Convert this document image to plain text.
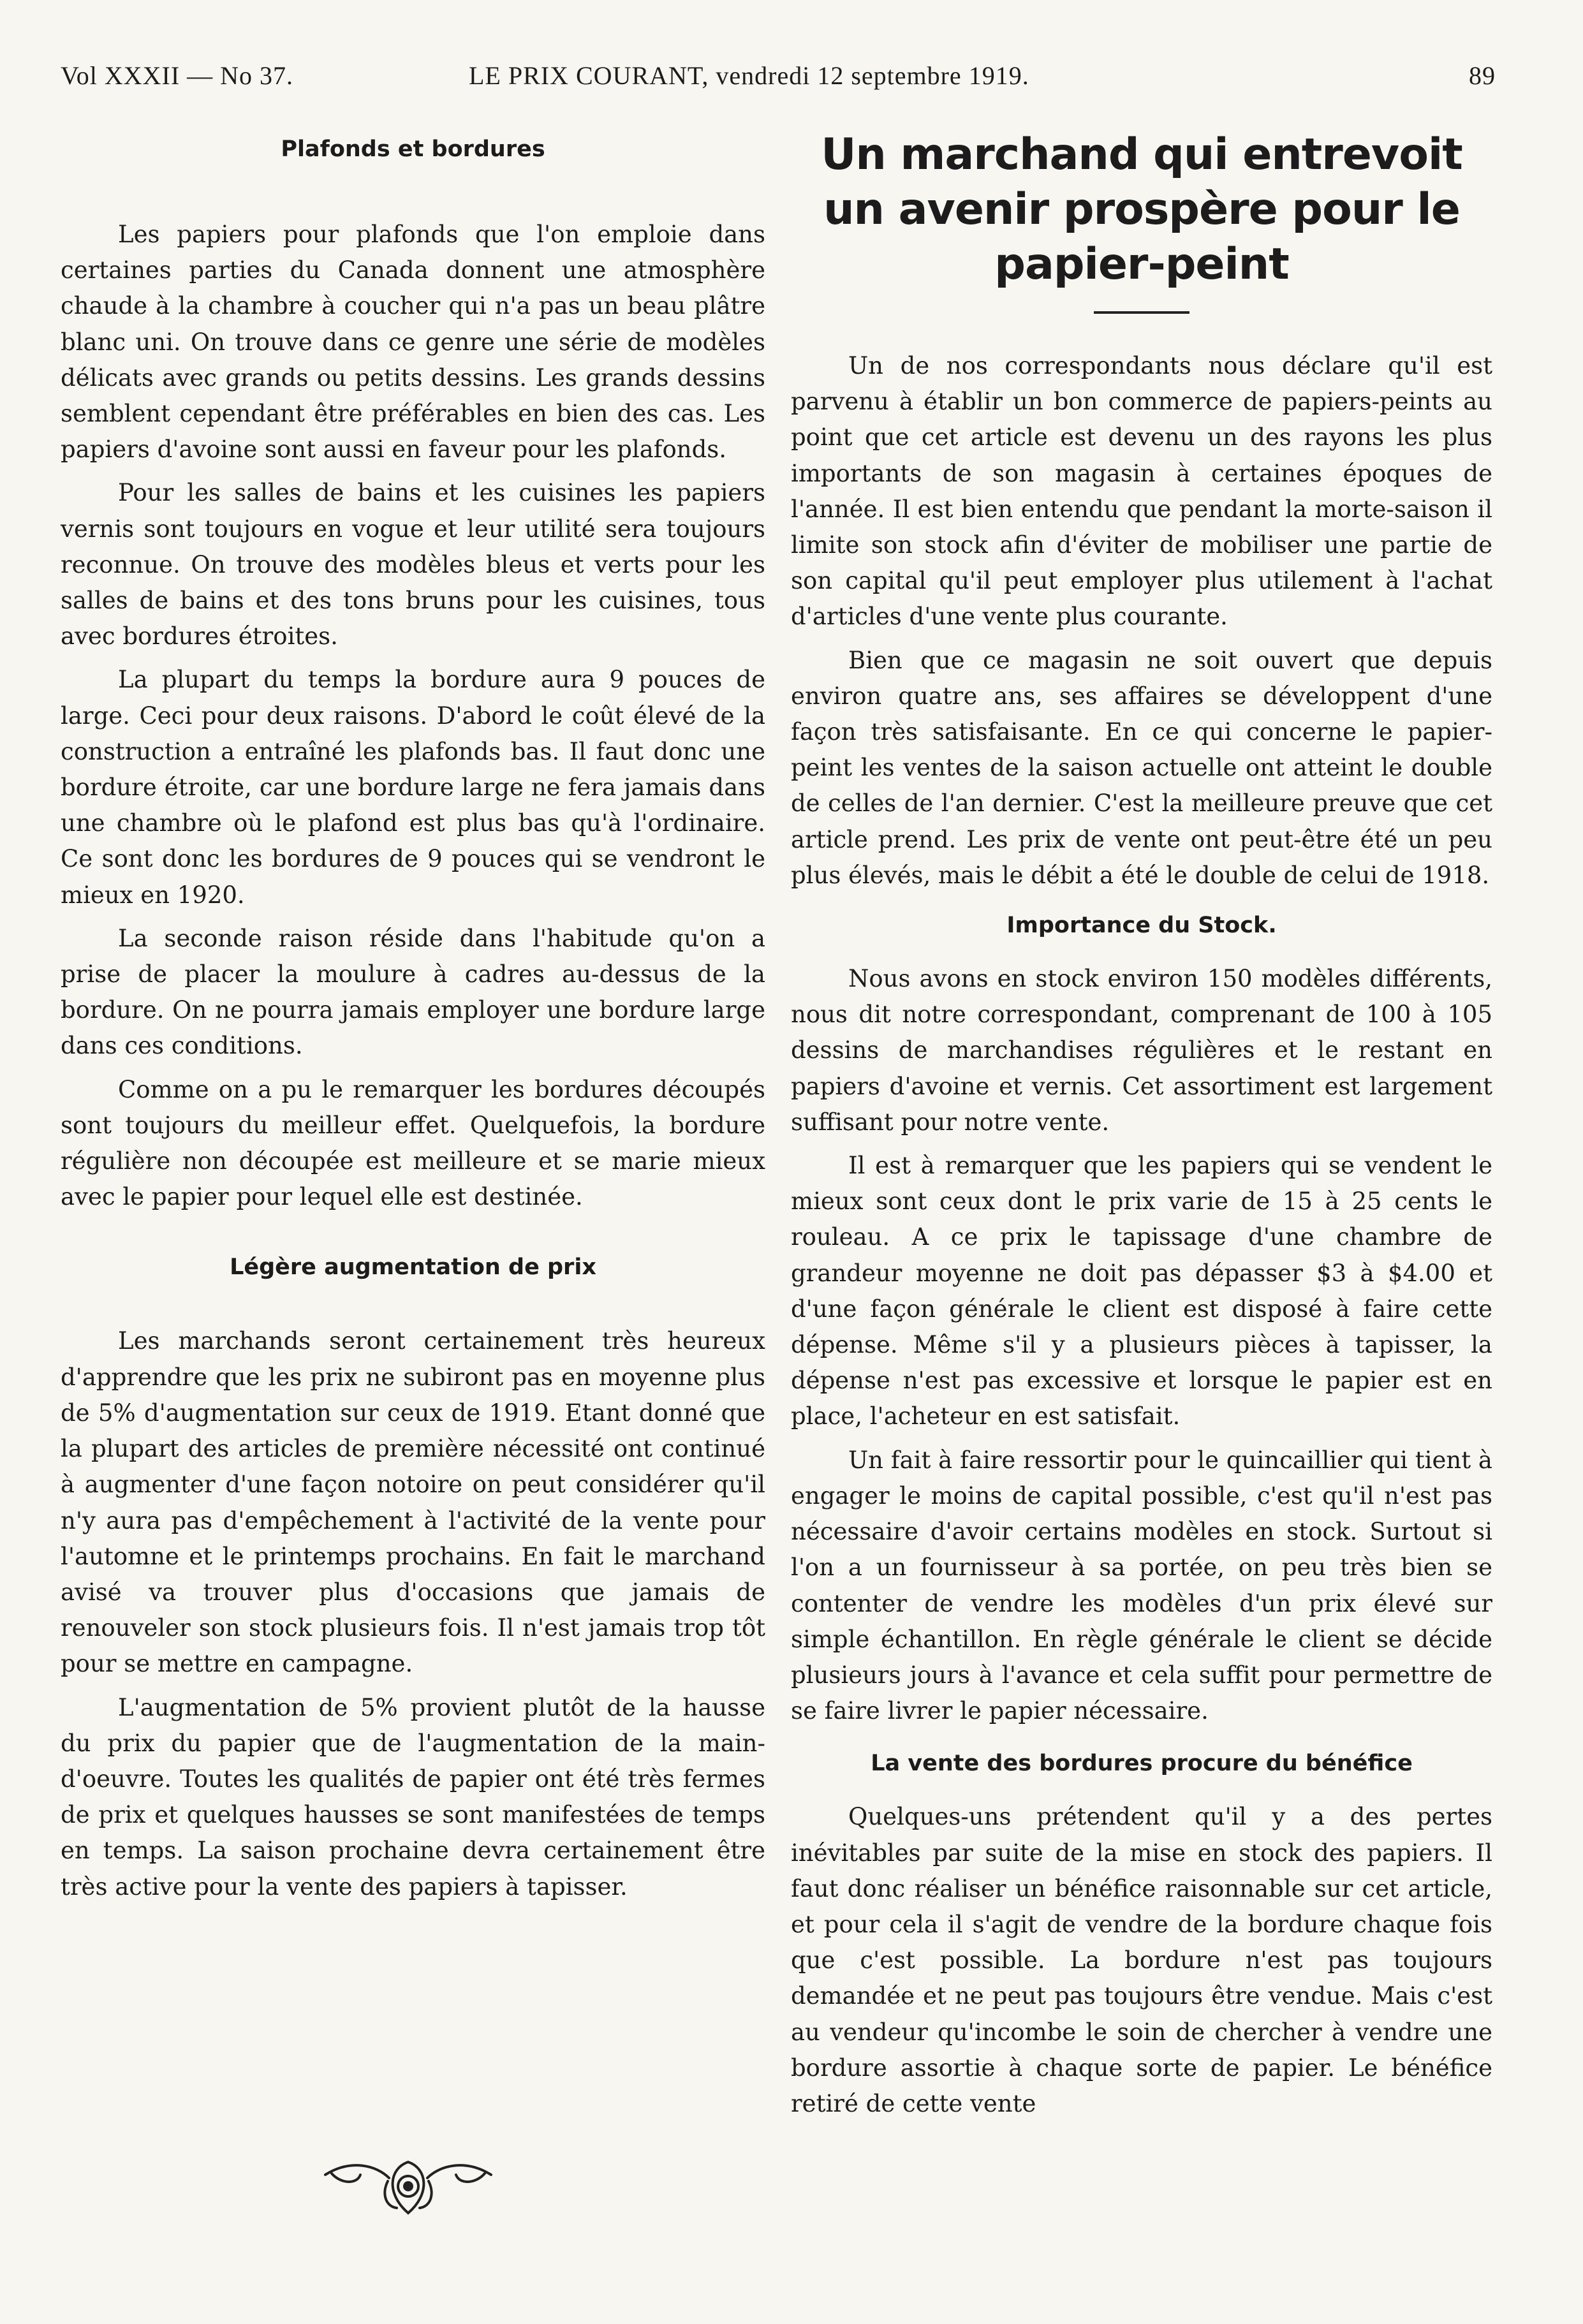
Vol XXXII — No 37.	LE PRIX COURANT, vendredi 12 septembre 1919.	89
Plafonds et bordures

Les papiers pour plafonds que l'on emploie dans certaines parties du Canada donnent une atmosphère chaude à la chambre à coucher qui n'a pas un beau plâtre blanc uni. On trouve dans ce genre une série de modèles délicats avec grands ou petits dessins. Les grands dessins semblent cependant être préférables en bien des cas. Les papiers d'avoine sont aussi en faveur pour les plafonds.

Pour les salles de bains et les cuisines les papiers vernis sont toujours en vogue et leur utilité sera toujours reconnue. On trouve des modèles bleus et verts pour les salles de bains et des tons bruns pour les cuisines, tous avec bordures étroites.

La plupart du temps la bordure aura 9 pouces de large. Ceci pour deux raisons. D'abord le coût élevé de la construction a entraîné les plafonds bas. Il faut donc une bordure étroite, car une bordure large ne fera jamais dans une chambre où le plafond est plus bas qu'à l'ordinaire. Ce sont donc les bordures de 9 pouces qui se vendront le mieux en 1920.

La seconde raison réside dans l'habitude qu'on a prise de placer la moulure à cadres au-dessus de la bordure. On ne pourra jamais employer une bordure large dans ces conditions.

Comme on a pu le remarquer les bordures découpés sont toujours du meilleur effet. Quelquefois, la bordure régulière non découpée est meilleure et se marie mieux avec le papier pour lequel elle est destinée.

Légère augmentation de prix

Les marchands seront certainement très heureux d'apprendre que les prix ne subiront pas en moyenne plus de 5% d'augmentation sur ceux de 1919. Etant donné que la plupart des articles de première nécessité ont continué à augmenter d'une façon notoire on peut considérer qu'il n'y aura pas d'empêchement à l'activité de la vente pour l'automne et le printemps prochains. En fait le marchand avisé va trouver plus d'occasions que jamais de renouveler son stock plusieurs fois. Il n'est jamais trop tôt pour se mettre en campagne.

L'augmentation de 5% provient plutôt de la hausse du prix du papier que de l'augmentation de la main-d'oeuvre. Toutes les qualités de papier ont été très fermes de prix et quelques hausses se sont manifestées de temps en temps. La saison prochaine devra certainement être très active pour la vente des papiers à tapisser.

Un marchand qui entrevoit un avenir prospère pour le papier-peint

Un de nos correspondants nous déclare qu'il est parvenu à établir un bon commerce de papiers-peints au point que cet article est devenu un des rayons les plus importants de son magasin à certaines époques de l'année. Il est bien entendu que pendant la morte-saison il limite son stock afin d'éviter de mobiliser une partie de son capital qu'il peut employer plus utilement à l'achat d'articles d'une vente plus courante.

Bien que ce magasin ne soit ouvert que depuis environ quatre ans, ses affaires se développent d'une façon très satisfaisante. En ce qui concerne le papier-peint les ventes de la saison actuelle ont atteint le double de celles de l'an dernier. C'est la meilleure preuve que cet article prend. Les prix de vente ont peut-être été un peu plus élevés, mais le débit a été le double de celui de 1918.

Importance du Stock.

Nous avons en stock environ 150 modèles différents, nous dit notre correspondant, comprenant de 100 à 105 dessins de marchandises régulières et le restant en papiers d'avoine et vernis. Cet assortiment est largement suffisant pour notre vente.

Il est à remarquer que les papiers qui se vendent le mieux sont ceux dont le prix varie de 15 à 25 cents le rouleau. A ce prix le tapissage d'une chambre de grandeur moyenne ne doit pas dépasser $3 à $4.00 et d'une façon générale le client est disposé à faire cette dépense. Même s'il y a plusieurs pièces à tapisser, la dépense n'est pas excessive et lorsque le papier est en place, l'acheteur en est satisfait.

Un fait à faire ressortir pour le quincaillier qui tient à engager le moins de capital possible, c'est qu'il n'est pas nécessaire d'avoir certains modèles en stock. Surtout si l'on a un fournisseur à sa portée, on peu très bien se contenter de vendre les modèles d'un prix élevé sur simple échantillon. En règle générale le client se décide plusieurs jours à l'avance et cela suffit pour permettre de se faire livrer le papier nécessaire.

La vente des bordures procure du bénéfice

Quelques-uns prétendent qu'il y a des pertes inévitables par suite de la mise en stock des papiers. Il faut donc réaliser un bénéfice raisonnable sur cet article, et pour cela il s'agit de vendre de la bordure chaque fois que c'est possible. La bordure n'est pas toujours demandée et ne peut pas toujours être vendue. Mais c'est au vendeur qu'incombe le soin de chercher à vendre une bordure assortie à chaque sorte de papier. Le bénéfice retiré de cette vente
